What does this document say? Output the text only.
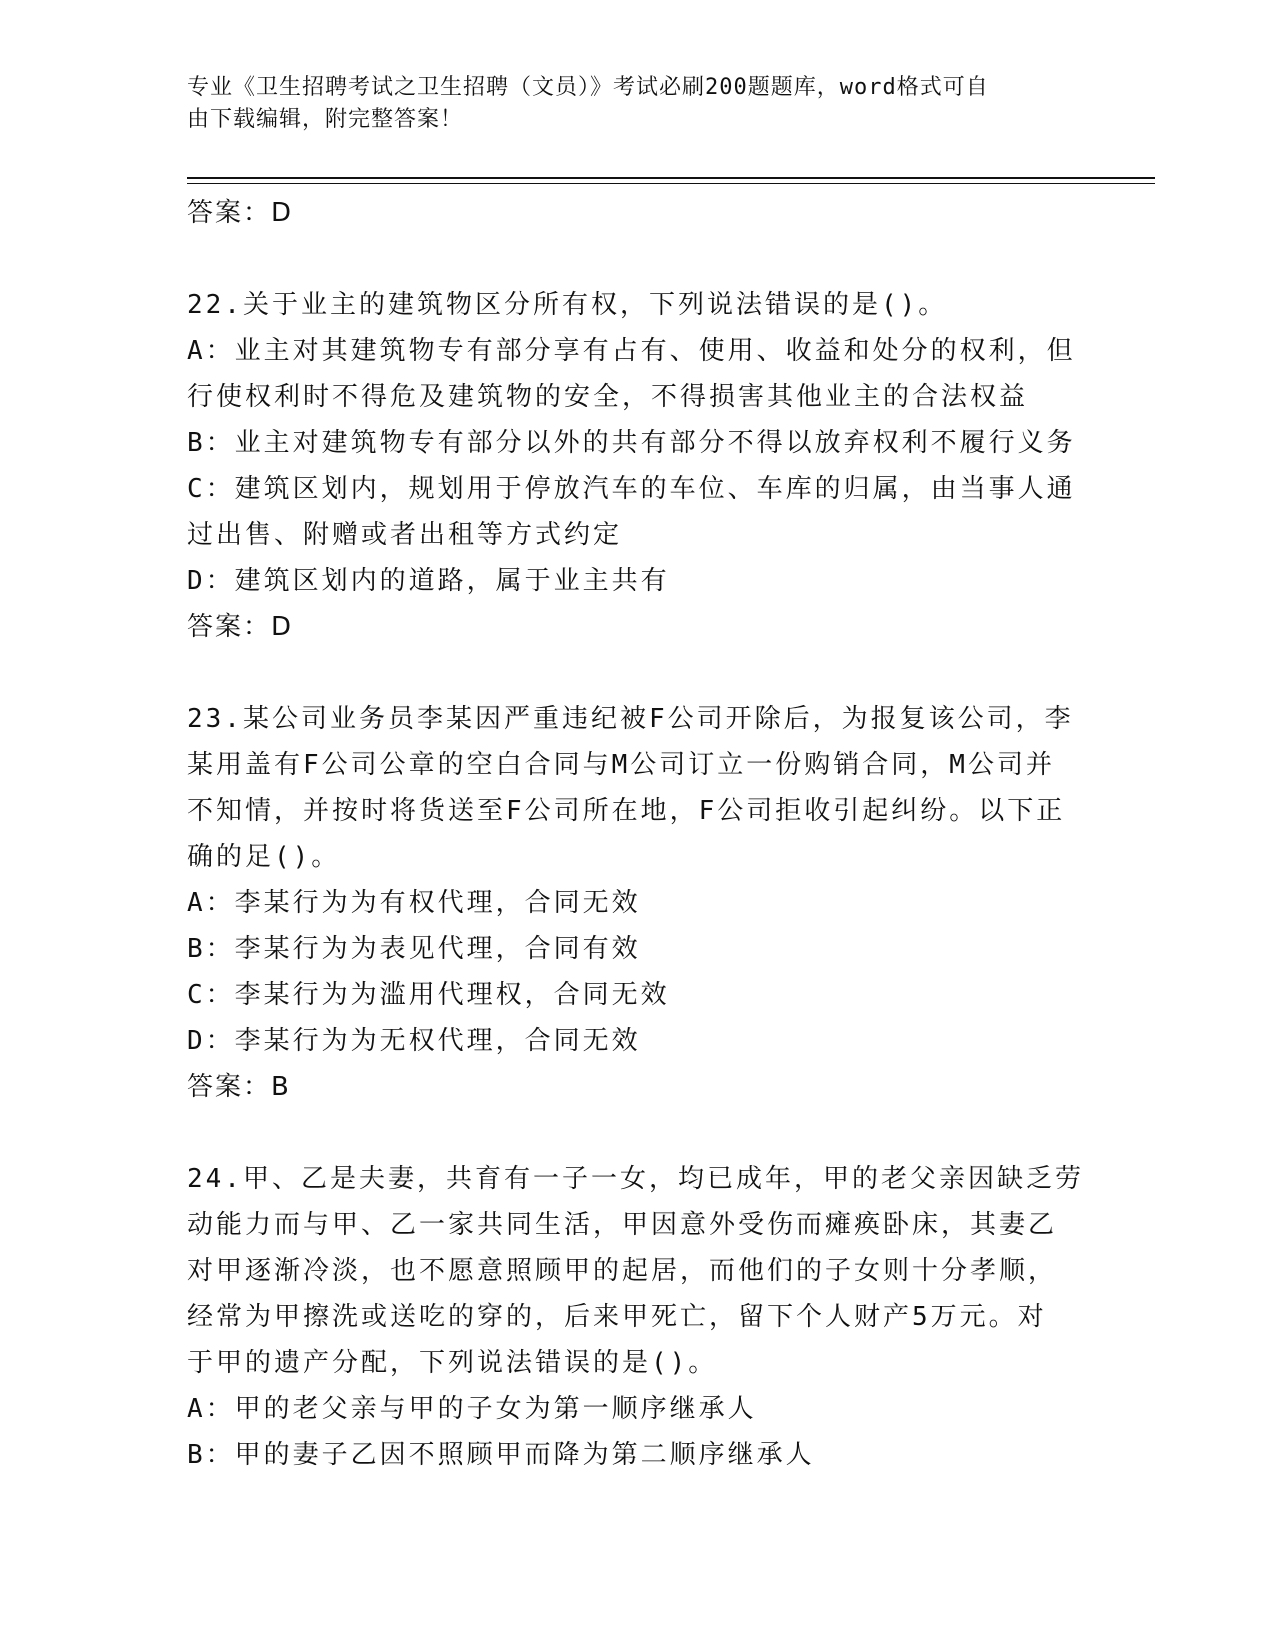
专业《卫生招聘考试之卫生招聘（文员）》考试必刷200题题库，word格式可自
由下载编辑，附完整答案！
答案：D
22.关于业主的建筑物区分所有权，下列说法错误的是()。
A：业主对其建筑物专有部分享有占有、使用、收益和处分的权利，但
行使权利时不得危及建筑物的安全，不得损害其他业主的合法权益
B：业主对建筑物专有部分以外的共有部分不得以放弃权利不履行义务
C：建筑区划内，规划用于停放汽车的车位、车库的归属，由当事人通
过出售、附赠或者出租等方式约定
D：建筑区划内的道路，属于业主共有
答案：D
23.某公司业务员李某因严重违纪被F公司开除后，为报复该公司，李
某用盖有F公司公章的空白合同与M公司订立一份购销合同，M公司并
不知情，并按时将货送至F公司所在地，F公司拒收引起纠纷。以下正
确的足()。
A：李某行为为有权代理，合同无效
B：李某行为为表见代理，合同有效
C：李某行为为滥用代理权，合同无效
D：李某行为为无权代理，合同无效
答案：B
24.甲、乙是夫妻，共育有一子一女，均已成年，甲的老父亲因缺乏劳
动能力而与甲、乙一家共同生活，甲因意外受伤而瘫痪卧床，其妻乙
对甲逐渐冷淡，也不愿意照顾甲的起居，而他们的子女则十分孝顺，
经常为甲擦洗或送吃的穿的，后来甲死亡，留下个人财产5万元。对
于甲的遗产分配，下列说法错误的是()。
A：甲的老父亲与甲的子女为第一顺序继承人
B：甲的妻子乙因不照顾甲而降为第二顺序继承人
